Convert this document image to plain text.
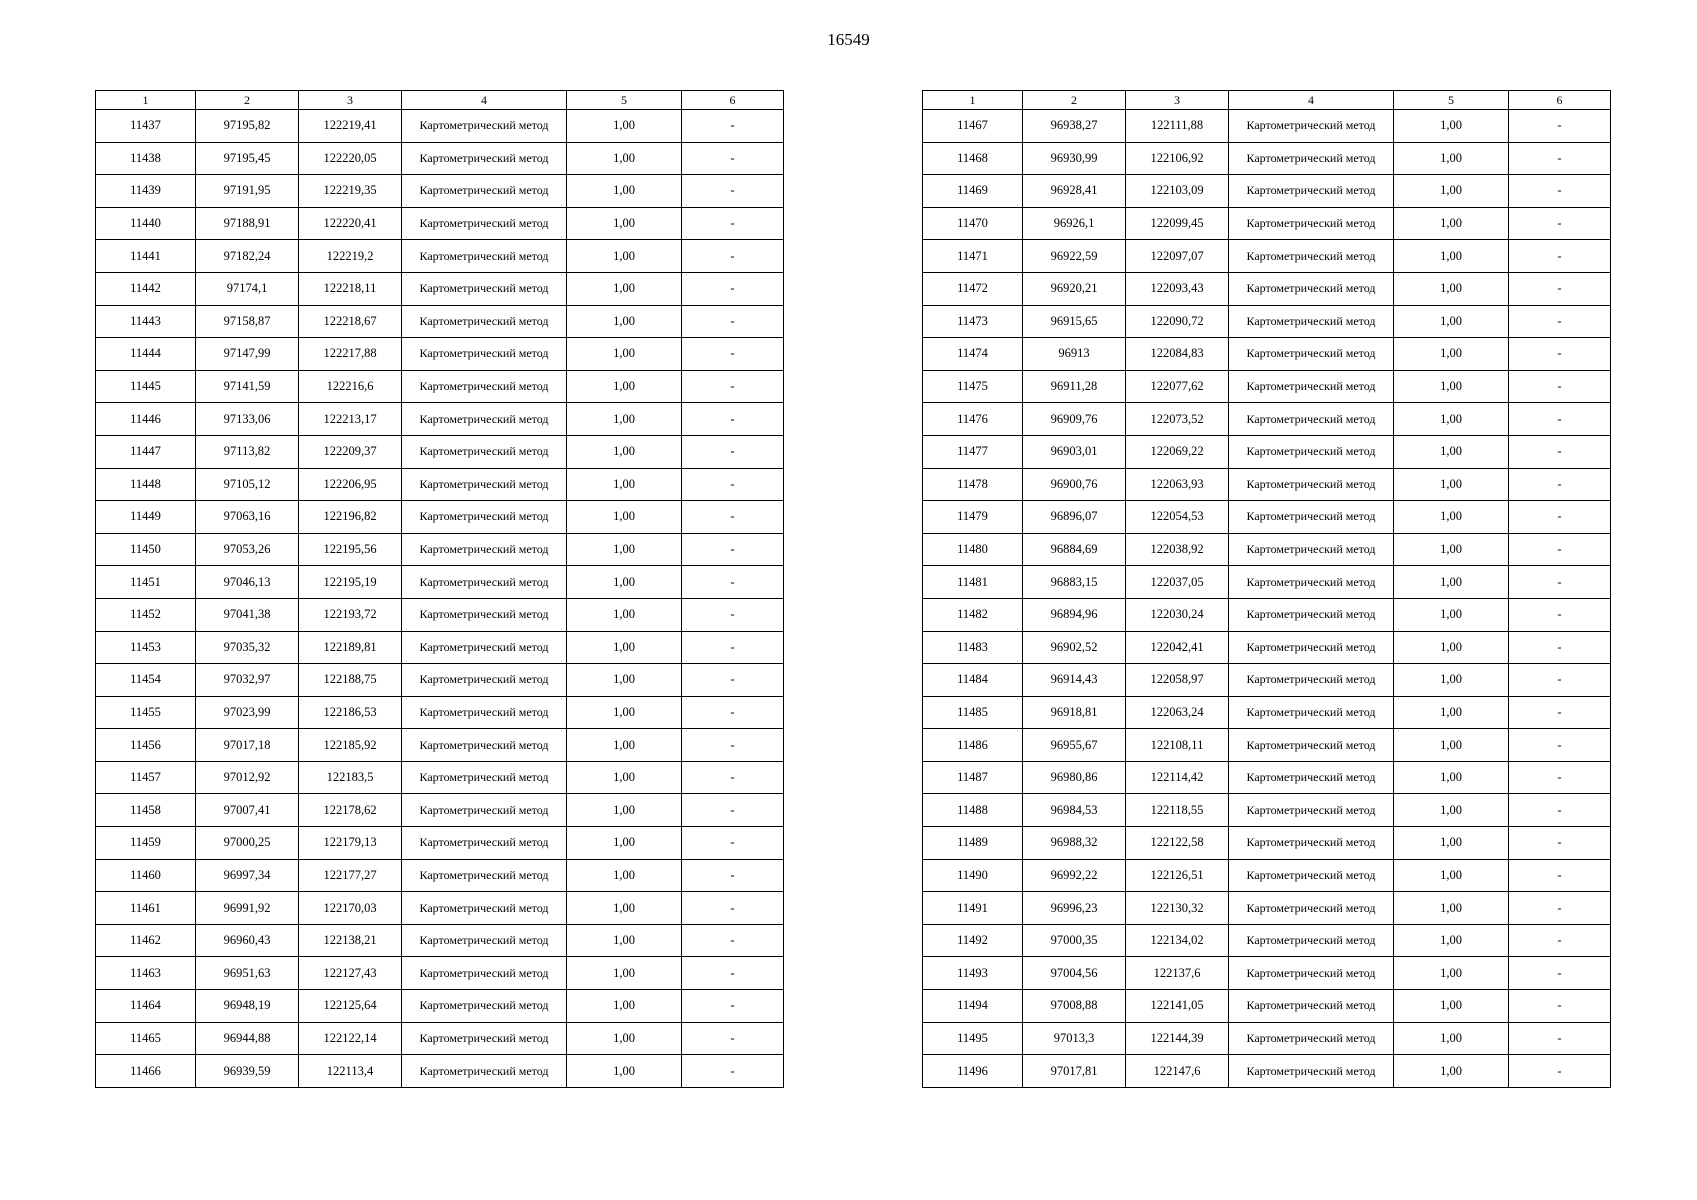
16549
1	2	3	4	5	6
11437	97195,82	122219,41	Картометрический метод	1,00	-
11438	97195,45	122220,05	Картометрический метод	1,00	-
11439	97191,95	122219,35	Картометрический метод	1,00	-
11440	97188,91	122220,41	Картометрический метод	1,00	-
11441	97182,24	122219,2	Картометрический метод	1,00	-
11442	97174,1	122218,11	Картометрический метод	1,00	-
11443	97158,87	122218,67	Картометрический метод	1,00	-
11444	97147,99	122217,88	Картометрический метод	1,00	-
11445	97141,59	122216,6	Картометрический метод	1,00	-
11446	97133,06	122213,17	Картометрический метод	1,00	-
11447	97113,82	122209,37	Картометрический метод	1,00	-
11448	97105,12	122206,95	Картометрический метод	1,00	-
11449	97063,16	122196,82	Картометрический метод	1,00	-
11450	97053,26	122195,56	Картометрический метод	1,00	-
11451	97046,13	122195,19	Картометрический метод	1,00	-
11452	97041,38	122193,72	Картометрический метод	1,00	-
11453	97035,32	122189,81	Картометрический метод	1,00	-
11454	97032,97	122188,75	Картометрический метод	1,00	-
11455	97023,99	122186,53	Картометрический метод	1,00	-
11456	97017,18	122185,92	Картометрический метод	1,00	-
11457	97012,92	122183,5	Картометрический метод	1,00	-
11458	97007,41	122178,62	Картометрический метод	1,00	-
11459	97000,25	122179,13	Картометрический метод	1,00	-
11460	96997,34	122177,27	Картометрический метод	1,00	-
11461	96991,92	122170,03	Картометрический метод	1,00	-
11462	96960,43	122138,21	Картометрический метод	1,00	-
11463	96951,63	122127,43	Картометрический метод	1,00	-
11464	96948,19	122125,64	Картометрический метод	1,00	-
11465	96944,88	122122,14	Картометрический метод	1,00	-
11466	96939,59	122113,4	Картометрический метод	1,00	-
1	2	3	4	5	6
11467	96938,27	122111,88	Картометрический метод	1,00	-
11468	96930,99	122106,92	Картометрический метод	1,00	-
11469	96928,41	122103,09	Картометрический метод	1,00	-
11470	96926,1	122099,45	Картометрический метод	1,00	-
11471	96922,59	122097,07	Картометрический метод	1,00	-
11472	96920,21	122093,43	Картометрический метод	1,00	-
11473	96915,65	122090,72	Картометрический метод	1,00	-
11474	96913	122084,83	Картометрический метод	1,00	-
11475	96911,28	122077,62	Картометрический метод	1,00	-
11476	96909,76	122073,52	Картометрический метод	1,00	-
11477	96903,01	122069,22	Картометрический метод	1,00	-
11478	96900,76	122063,93	Картометрический метод	1,00	-
11479	96896,07	122054,53	Картометрический метод	1,00	-
11480	96884,69	122038,92	Картометрический метод	1,00	-
11481	96883,15	122037,05	Картометрический метод	1,00	-
11482	96894,96	122030,24	Картометрический метод	1,00	-
11483	96902,52	122042,41	Картометрический метод	1,00	-
11484	96914,43	122058,97	Картометрический метод	1,00	-
11485	96918,81	122063,24	Картометрический метод	1,00	-
11486	96955,67	122108,11	Картометрический метод	1,00	-
11487	96980,86	122114,42	Картометрический метод	1,00	-
11488	96984,53	122118,55	Картометрический метод	1,00	-
11489	96988,32	122122,58	Картометрический метод	1,00	-
11490	96992,22	122126,51	Картометрический метод	1,00	-
11491	96996,23	122130,32	Картометрический метод	1,00	-
11492	97000,35	122134,02	Картометрический метод	1,00	-
11493	97004,56	122137,6	Картометрический метод	1,00	-
11494	97008,88	122141,05	Картометрический метод	1,00	-
11495	97013,3	122144,39	Картометрический метод	1,00	-
11496	97017,81	122147,6	Картометрический метод	1,00	-
